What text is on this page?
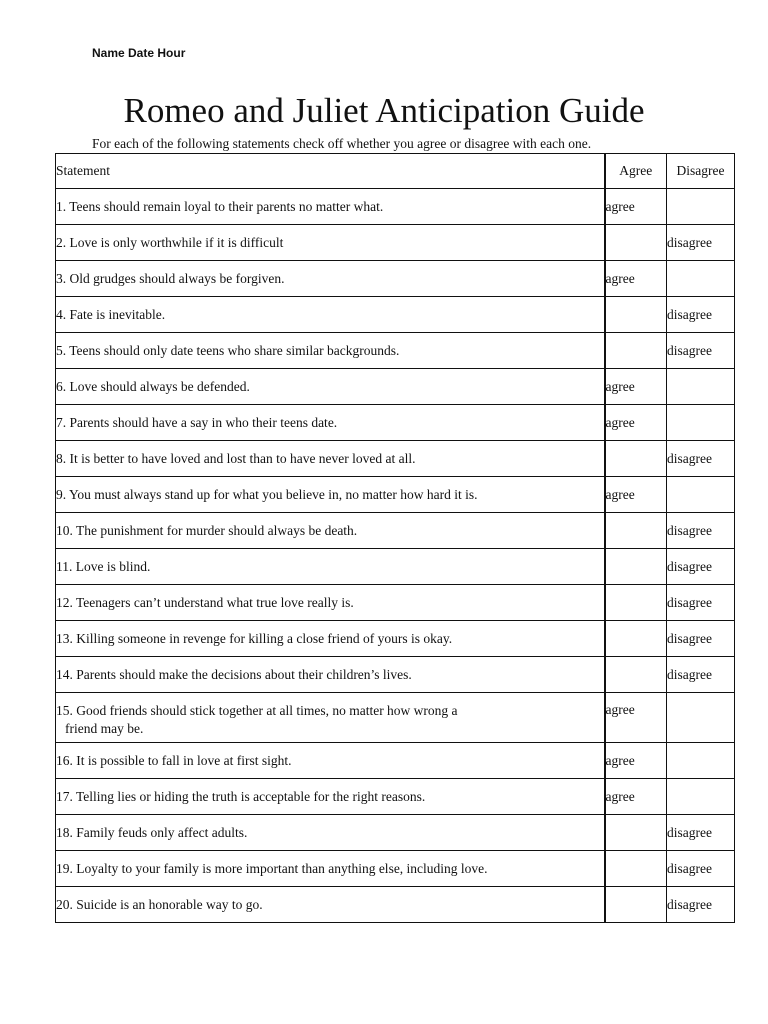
Name Date Hour
Romeo and Juliet Anticipation Guide
For each of the following statements check off whether you agree or disagree with each one.
Statement	Agree	Disagree

1. Teens should remain loyal to their parents no matter what.	agree	

2. Love is only worthwhile if it is difficult		disagree

3. Old grudges should always be forgiven.	agree	

4. Fate is inevitable.		disagree

5. Teens should only date teens who share similar backgrounds.		disagree

6. Love should always be defended.	agree	

7. Parents should have a say in who their teens date.	agree	

8. It is better to have loved and lost than to have never loved at all.		disagree

9. You must always stand up for what you believe in, no matter how hard it is.	agree	

10. The punishment for murder should always be death.		disagree

11. Love is blind.		disagree

12. Teenagers can’t understand what true love really is.		disagree

13. Killing someone in revenge for killing a close friend of yours is okay.		disagree

14. Parents should make the decisions about their children’s lives.		disagree

15. Good friends should stick together at all times, no matter how wrong a
friend may be.	agree	

16. It is possible to fall in love at first sight.	agree	

17. Telling lies or hiding the truth is acceptable for the right reasons.	agree	

18. Family feuds only affect adults.		disagree

19. Loyalty to your family is more important than anything else, including love.		disagree

20. Suicide is an honorable way to go.		disagree
